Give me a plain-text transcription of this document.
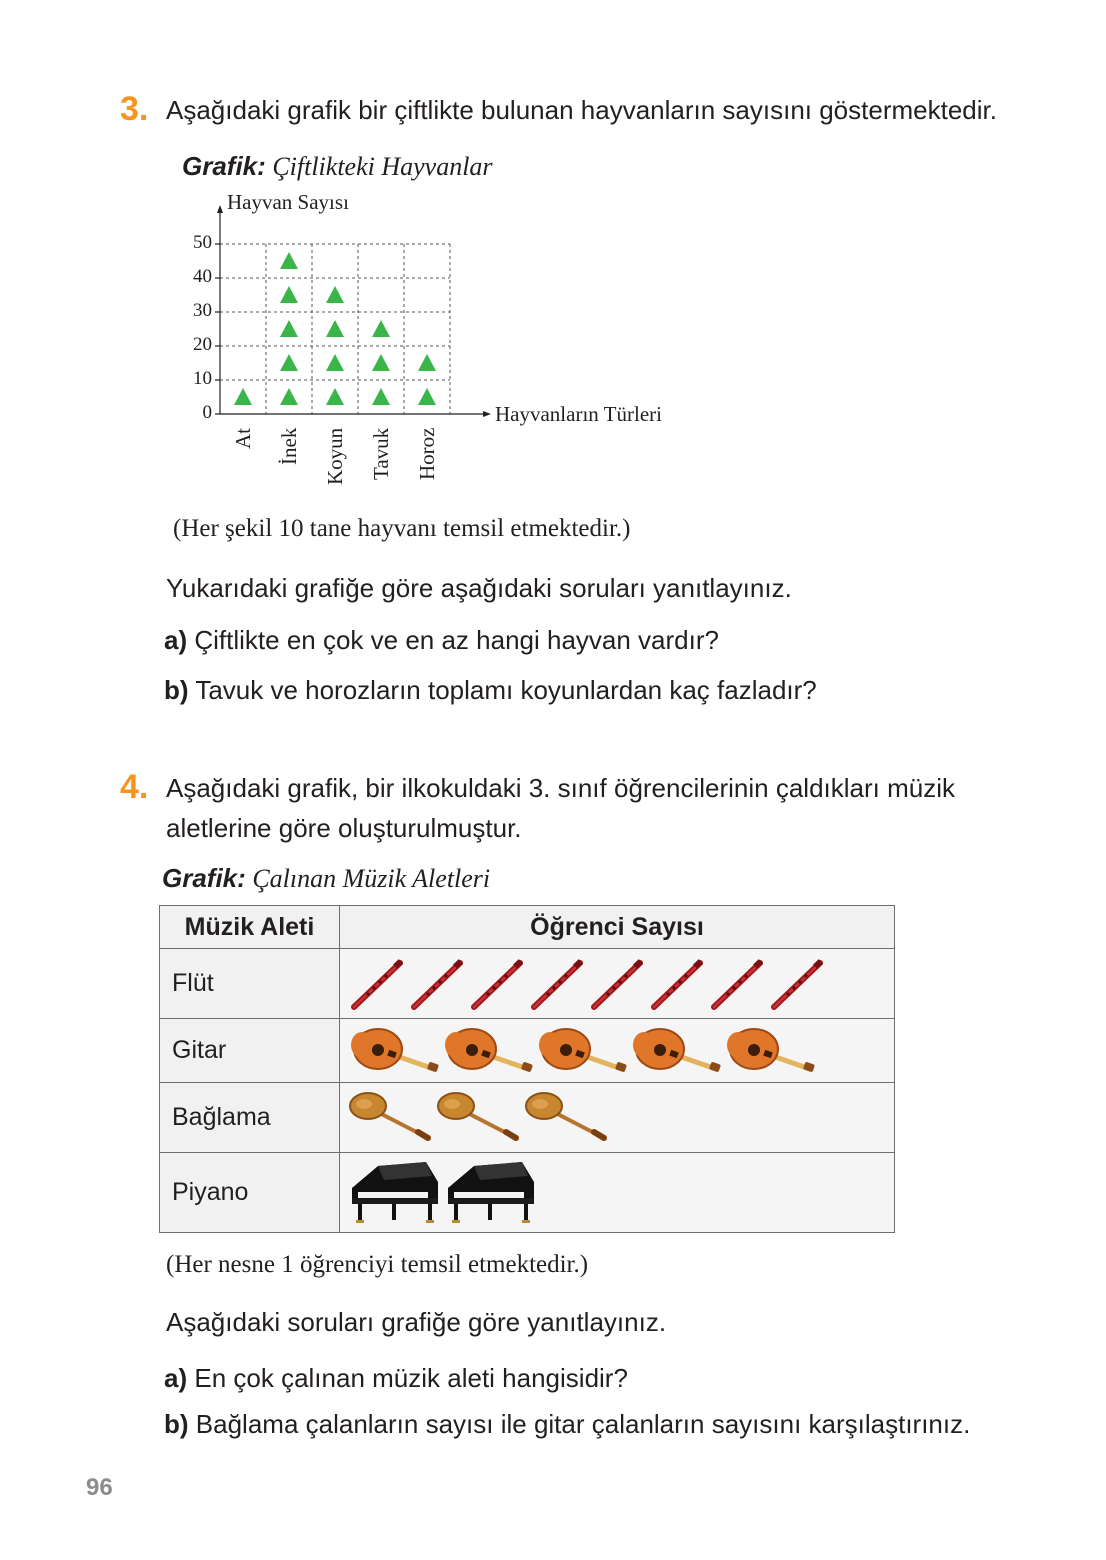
3. Aşağıdaki grafik bir çiftlikte bulunan hayvanların sayısını göstermektedir.
Grafik: Çiftlikteki Hayvanlar
Hayvan Sayısı
Hayvanların Türleri
0
10
20
30
40
50
At İnek Koyun Tavuk Horoz
(Her şekil 10 tane hayvanı temsil etmektedir.)
Yukarıdaki grafiğe göre aşağıdaki soruları yanıtlayınız.
a) Çiftlikte en çok ve en az hangi hayvan vardır?
b) Tavuk ve horozların toplamı koyunlardan kaç fazladır?
4. Aşağıdaki grafik, bir ilkokuldaki 3. sınıf öğrencilerinin çaldıkları müzik
aletlerine göre oluşturulmuştur.
Grafik: Çalınan Müzik Aletleri
Müzik Aleti	Öğrenci Sayısı
Flüt	
Gitar	
Bağlama	
Piyano	
(Her nesne 1 öğrenciyi temsil etmektedir.)
Aşağıdaki soruları grafiğe göre yanıtlayınız.
a) En çok çalınan müzik aleti hangisidir?
b) Bağlama çalanların sayısı ile gitar çalanların sayısını karşılaştırınız.
96
